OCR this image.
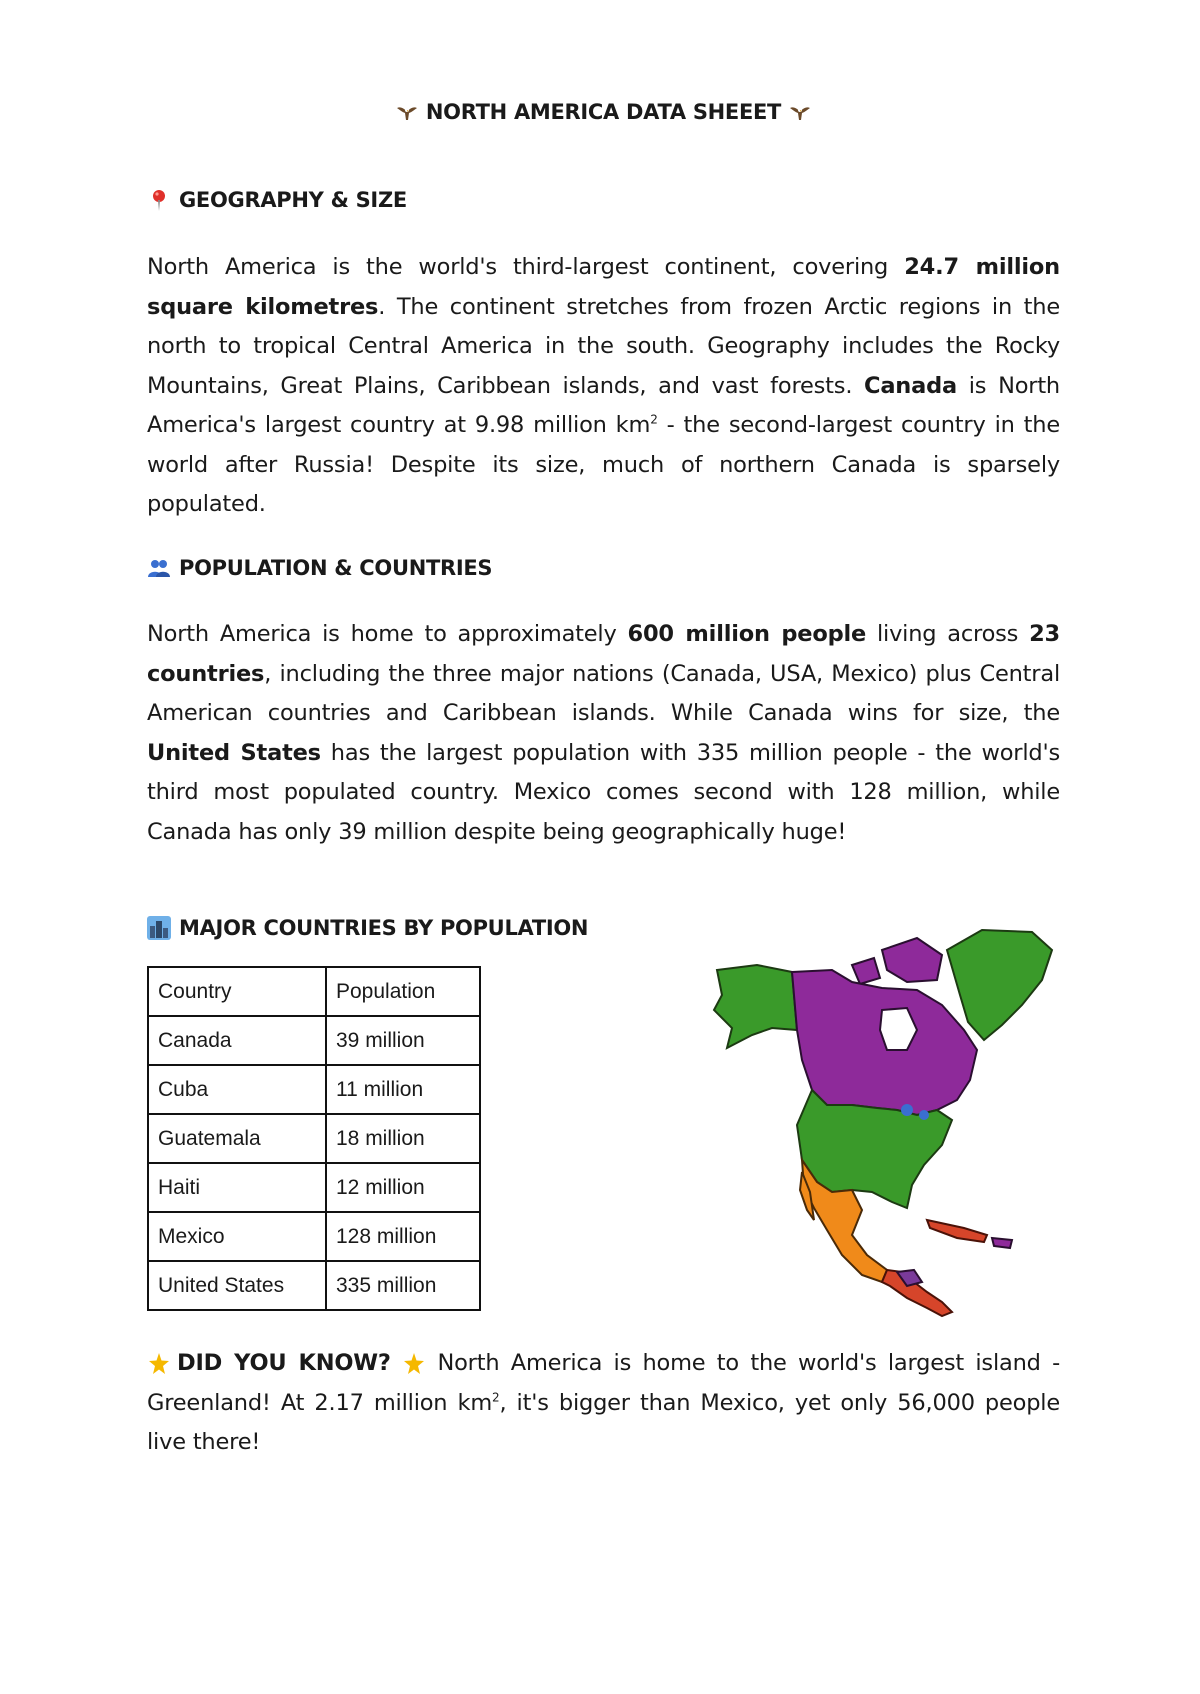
NORTH AMERICA DATA SHEEET
GEOGRAPHY & SIZE

North America is the world's third-largest continent, covering 24.7 million square kilometres. The continent stretches from frozen Arctic regions in the north to tropical Central America in the south. Geography includes the Rocky Mountains, Great Plains, Caribbean islands, and vast forests. Canada is North America's largest country at 9.98 million $km^2$ - the second-largest country in the world after Russia! Despite its size, much of northern Canada is sparsely populated.

POPULATION & COUNTRIES

North America is home to approximately 600 million people living across 23 countries, including the three major nations (Canada, USA, Mexico) plus Central American countries and Caribbean islands. While Canada wins for size, the United States has the largest population with 335 million people - the world's third most populated country. Mexico comes second with 128 million, while Canada has only 39 million despite being geographically huge!

MAJOR COUNTRIES BY POPULATION
Country	Population
Canada	39 million
Cuba	11 million
Guatemala	18 million
Haiti	12 million
Mexico	128 million
United States	335 million

DID YOU KNOW?  North America is home to the world's largest island - Greenland! At 2.17 million $km^2$, it's bigger than Mexico, yet only 56,000 people live there!
